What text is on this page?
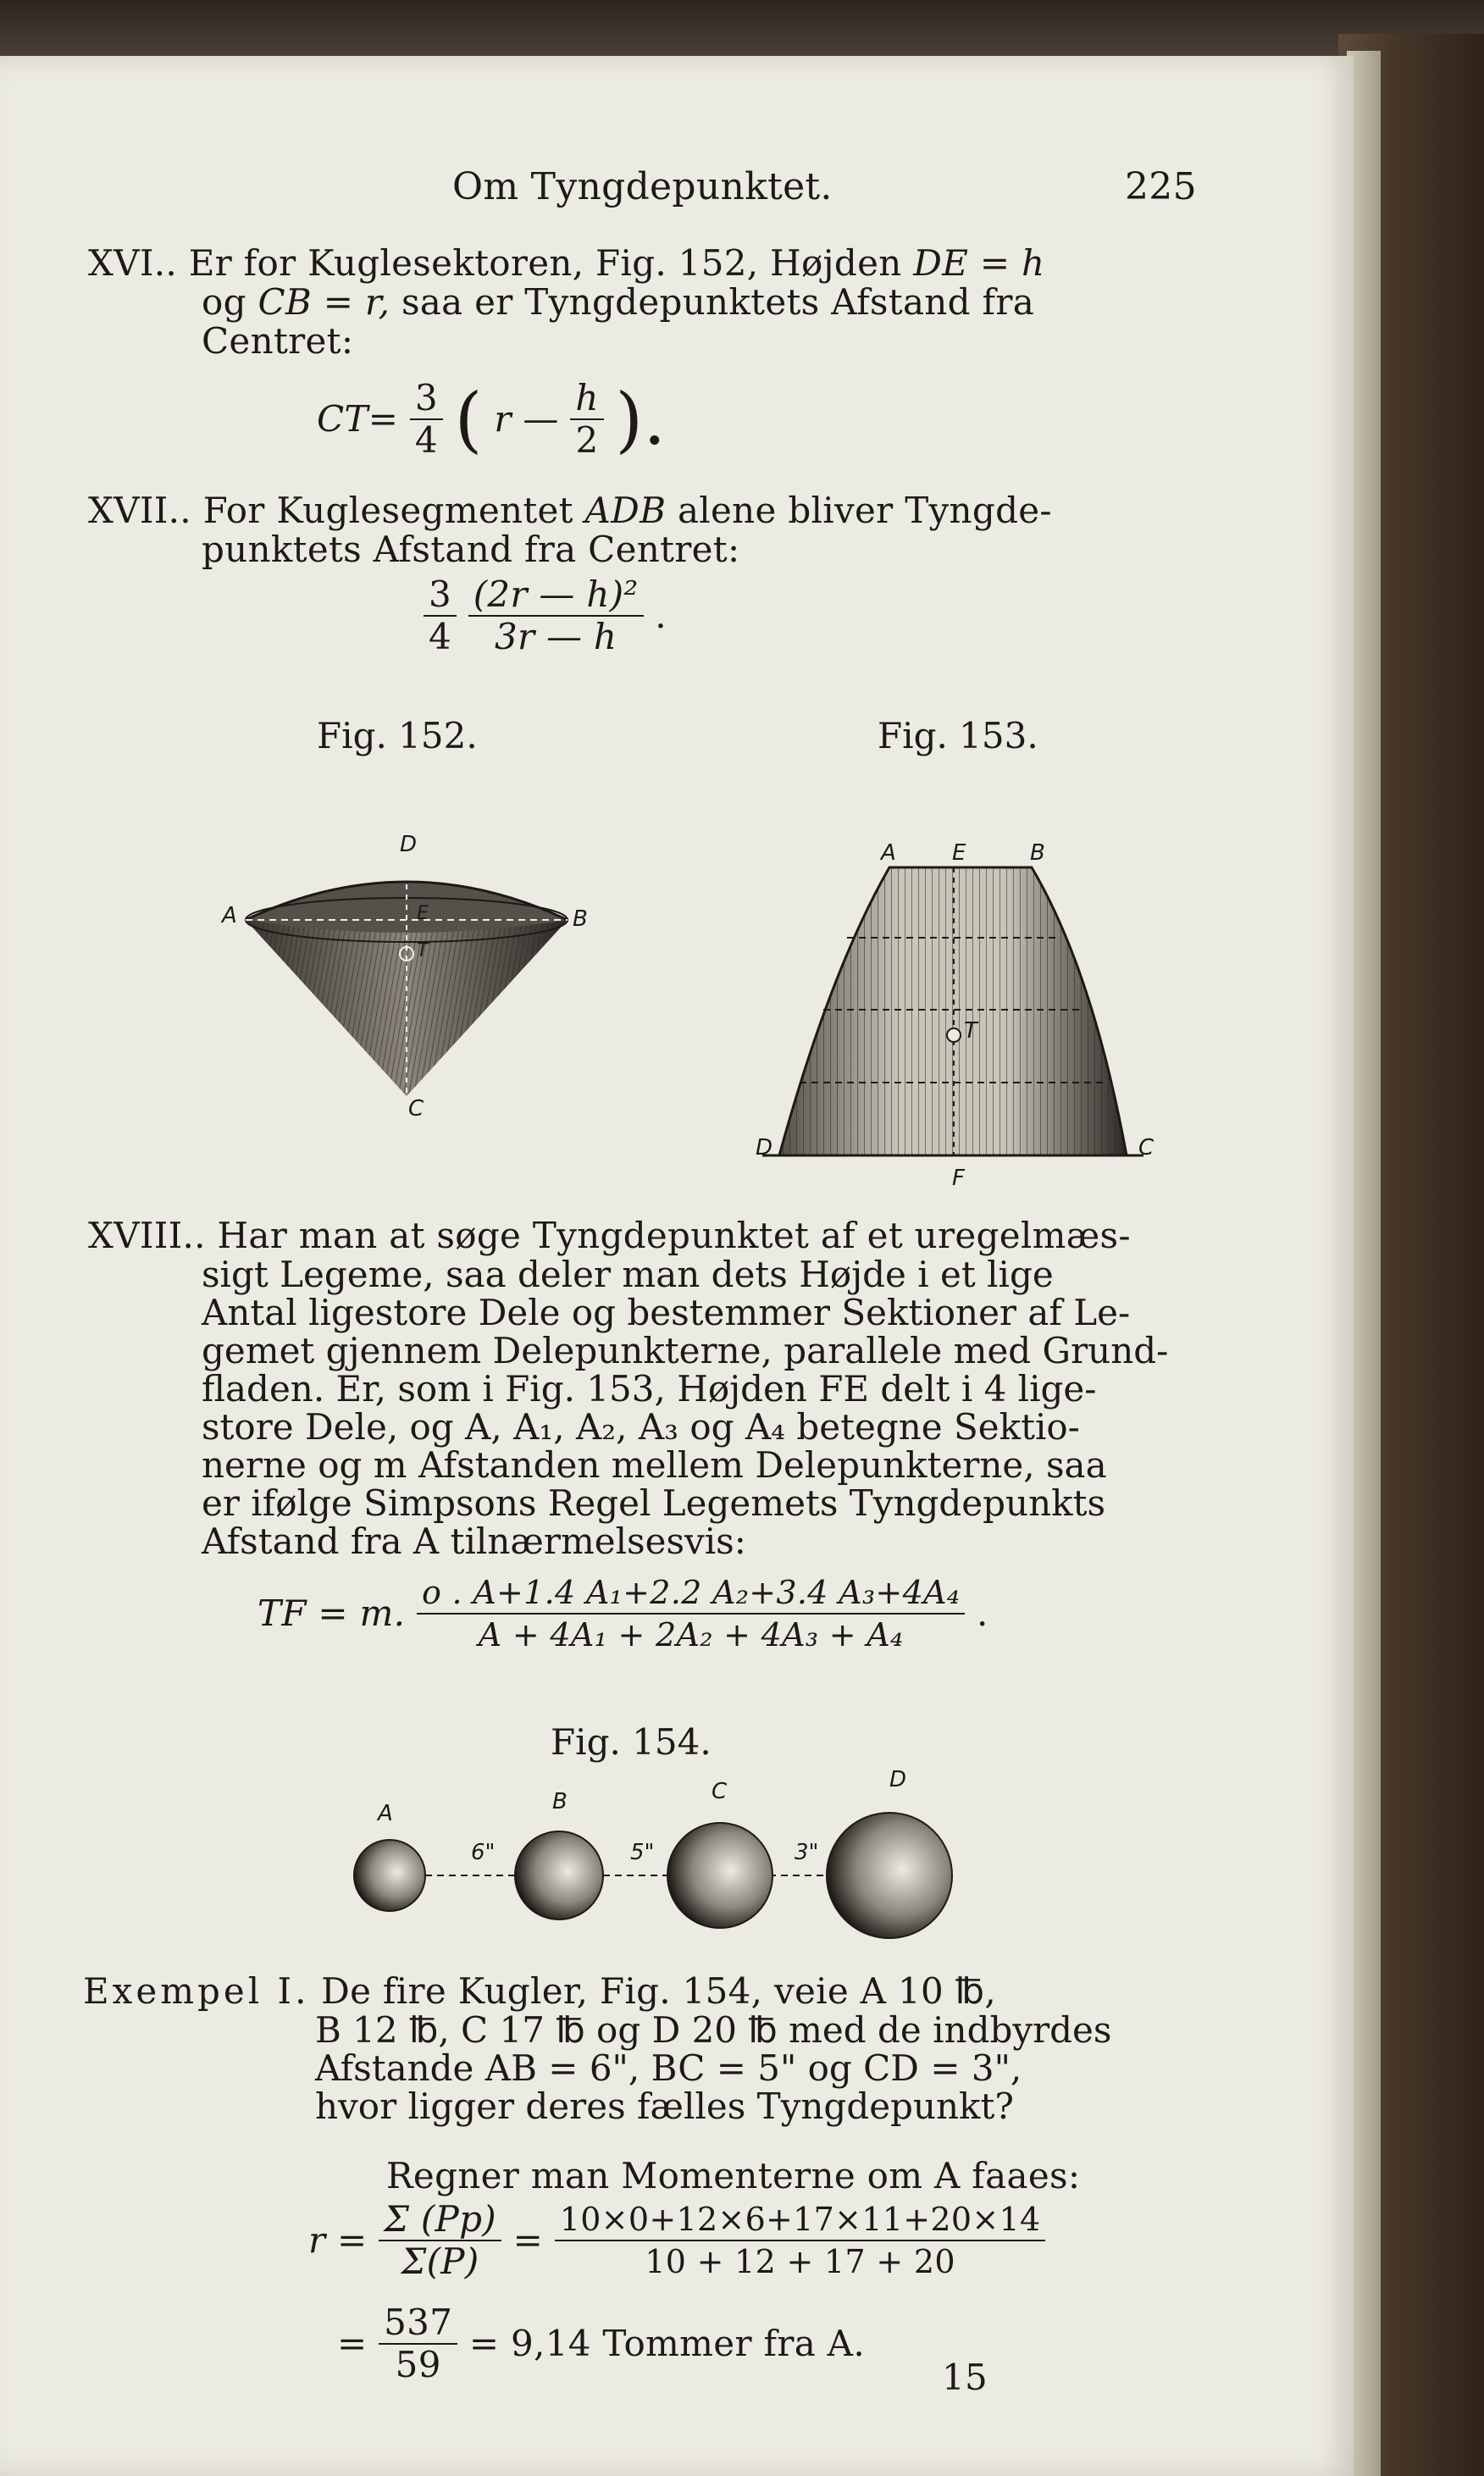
Om Tyngdepunktet.	225
XVI.. Er for Kuglesektoren, Fig. 152, Højden DE = h
og CB = r, saa er Tyngdepunktets Afstand fra
Centret:
$CT= \frac{3}{4}$ ( r — $\frac{h}{2}$ ).
XVII.. For Kuglesegmentet ADB alene bliver Tyngde-
punktets Afstand fra Centret:
$\frac{3}{4}$
$\frac{\text{(2r — h)²}}{3r — h}$ .
Fig. 152.	Fig. 153.
D
A	B
E
T
C
A	E	B
T
D	C
F
XVIII.. Har man at søge Tyngdepunktet af et uregelmæs-
sigt Legeme, saa deler man dets Højde i et lige
Antal ligestore Dele og bestemmer Sektioner af Le-
gemet gjennem Delepunkterne, parallele med Grund-
fladen. Er, som i Fig. 153, Højden FE delt i 4 lige-
store Dele, og A, A₁, A₂, A₃ og A₄ betegne Sektio-
nerne og m Afstanden mellem Delepunkterne, saa
er ifølge Simpsons Regel Legemets Tyngdepunkts
Afstand fra A tilnærmelsesvis:
TF = m. $\frac{\text{o . A+1.4 A₁+2.2 A₂+3.4 A₃+4A₄}}{\text{A + 4A₁ + 2A₂ + 4A₃ + A₄}}$ .
Fig. 154.
A	B	C	D
6"	5"	3"
Exempel I. De fire Kugler, Fig. 154, veie A 10 ℔,
B 12 ℔, C 17 ℔ og D 20 ℔ med de indbyrdes
Afstande AB = 6", BC = 5" og CD = 3",
hvor ligger deres fælles Tyngdepunkt?
Regner man Momenterne om A faaes:
$r = \frac{\Sigma (Pp)}{\Sigma(P)} = \frac{10\times 0+12\times 6+17\times 11+20\times 14}{10 + 12 + 17 + 20}$
= $\frac{537}{59} = 9,14$ Tommer fra A.
15
